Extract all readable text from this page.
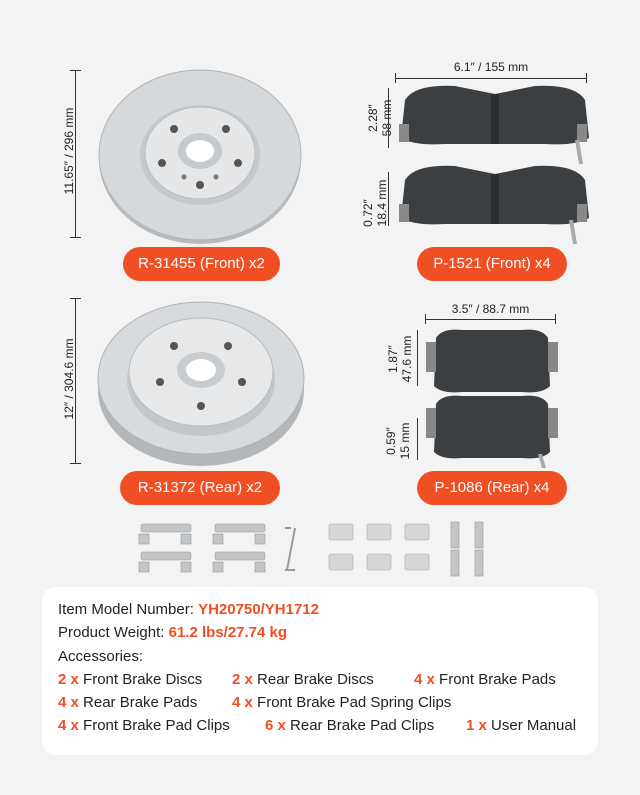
11.65″ / 296 mm
R-31455 (Front) x2
6.1″ / 155 mm
2.28″ 58 mm
0.72″ 18.4 mm
P-1521 (Front) x4
12″ / 304.6 mm
R-31372 (Rear) x2
3.5″ / 88.7 mm
1.87″ 47.6 mm
0.59″ 15 mm
P-1086 (Rear) x4
Item Model Number: YH20750/YH1712
Product Weight: 61.2 lbs/27.74 kg
Accessories:
2 x Front Brake Discs 2 x Rear Brake Discs	4 x Front Brake Pads
4 x Rear Brake Pads 4 x Front Brake Pad Spring Clips
4 x Front Brake Pad Clips 6 x Rear Brake Pad Clips 1 x User Manual
